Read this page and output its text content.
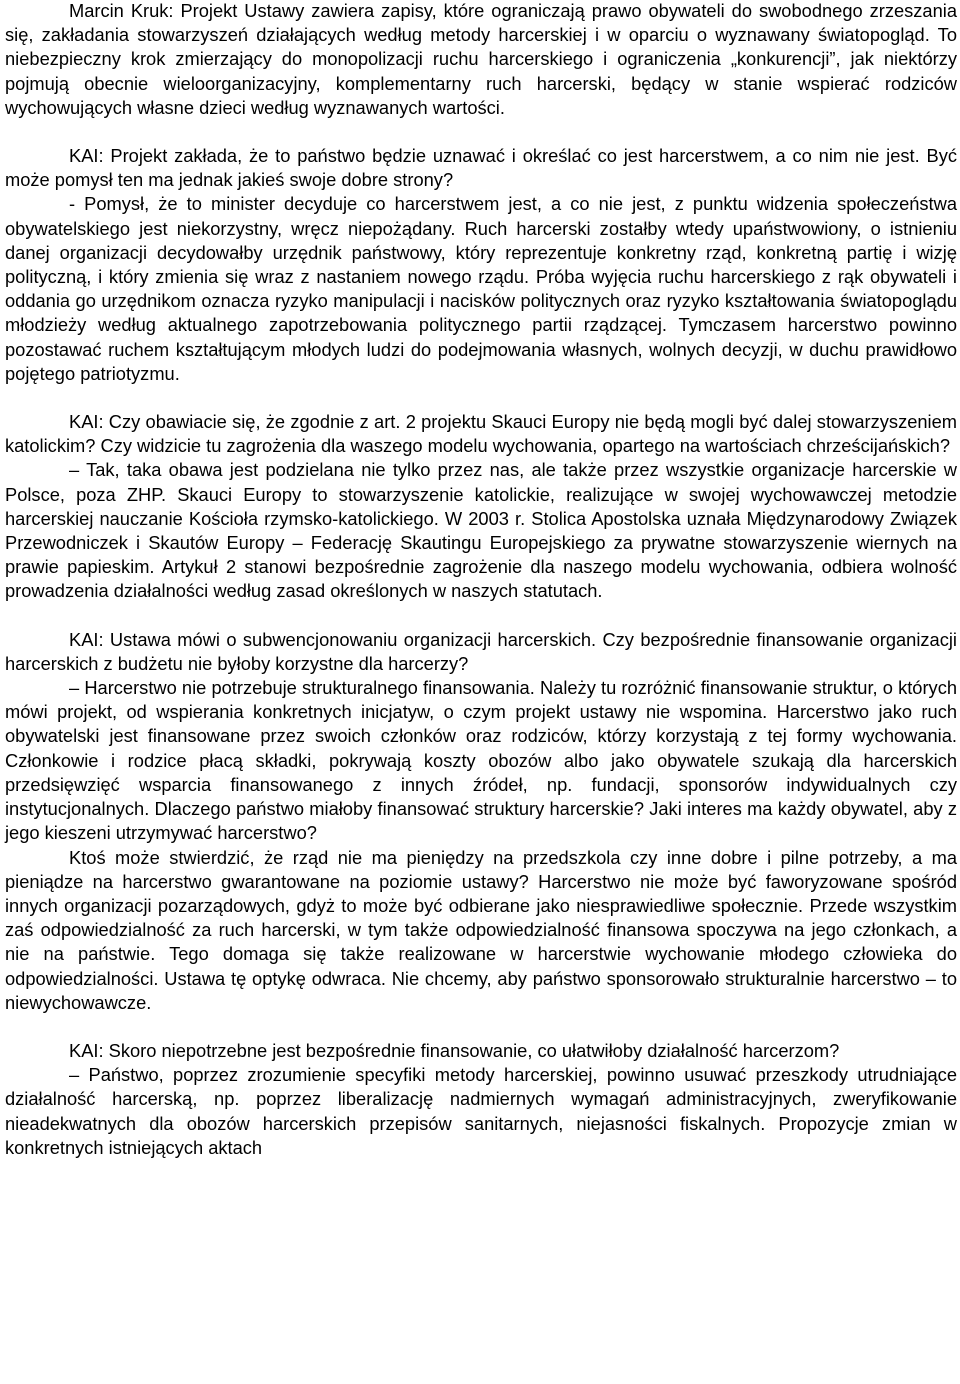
Marcin Kruk: Projekt Ustawy zawiera zapisy, które ograniczają prawo obywateli do swobodnego zrzeszania się, zakładania stowarzyszeń działających według metody harcerskiej i w oparciu o wyznawany światopogląd. To niebezpieczny krok zmierzający do monopolizacji ruchu harcerskiego i ograniczenia „konkurencji”, jak niektórzy pojmują obecnie wieloorganizacyjny, komplementarny ruch harcerski, będący w stanie wspierać rodziców wychowujących własne dzieci według wyznawanych wartości.

KAI: Projekt zakłada, że to państwo będzie uznawać i określać co jest harcerstwem, a co nim nie jest. Być może pomysł ten ma jednak jakieś swoje dobre strony?

- Pomysł, że to minister decyduje co harcerstwem jest, a co nie jest, z punktu widzenia społeczeństwa obywatelskiego jest niekorzystny, wręcz niepożądany. Ruch harcerski zostałby wtedy upaństwowiony, o istnieniu danej organizacji decydowałby urzędnik państwowy, który reprezentuje konkretny rząd, konkretną partię i wizję polityczną, i który zmienia się wraz z nastaniem nowego rządu. Próba wyjęcia ruchu harcerskiego z rąk obywateli i oddania go urzędnikom oznacza ryzyko manipulacji i nacisków politycznych oraz ryzyko kształtowania światopoglądu młodzieży według aktualnego zapotrzebowania politycznego partii rządzącej. Tymczasem harcerstwo powinno pozostawać ruchem kształtującym młodych ludzi do podejmowania własnych, wolnych decyzji, w duchu prawidłowo pojętego patriotyzmu.

KAI: Czy obawiacie się, że zgodnie z art. 2 projektu Skauci Europy nie będą mogli być dalej stowarzyszeniem katolickim? Czy widzicie tu zagrożenia dla waszego modelu wychowania, opartego na wartościach chrześcijańskich?

– Tak, taka obawa jest podzielana nie tylko przez nas, ale także przez wszystkie organizacje harcerskie w Polsce, poza ZHP. Skauci Europy to stowarzyszenie katolickie, realizujące w swojej wychowawczej metodzie harcerskiej nauczanie Kościoła rzymsko-katolickiego. W 2003 r. Stolica Apostolska uznała Międzynarodowy Związek Przewodniczek i Skautów Europy – Federację Skautingu Europejskiego za prywatne stowarzyszenie wiernych na prawie papieskim. Artykuł 2 stanowi bezpośrednie zagrożenie dla naszego modelu wychowania, odbiera wolność prowadzenia działalności według zasad określonych w naszych statutach.

KAI: Ustawa mówi o subwencjonowaniu organizacji harcerskich. Czy bezpośrednie finansowanie organizacji harcerskich z budżetu nie byłoby korzystne dla harcerzy?

– Harcerstwo nie potrzebuje strukturalnego finansowania. Należy tu rozróżnić finansowanie struktur, o których mówi projekt, od wspierania konkretnych inicjatyw, o czym projekt ustawy nie wspomina. Harcerstwo jako ruch obywatelski jest finansowane przez swoich członków oraz rodziców, którzy korzystają z tej formy wychowania. Członkowie i rodzice płacą składki, pokrywają koszty obozów albo jako obywatele szukają dla harcerskich przedsięwzięć wsparcia finansowanego z innych źródeł, np. fundacji, sponsorów indywidualnych czy instytucjonalnych. Dlaczego państwo miałoby finansować struktury harcerskie? Jaki interes ma każdy obywatel, aby z jego kieszeni utrzymywać harcerstwo?

Ktoś może stwierdzić, że rząd nie ma pieniędzy na przedszkola czy inne dobre i pilne potrzeby, a ma pieniądze na harcerstwo gwarantowane na poziomie ustawy? Harcerstwo nie może być faworyzowane spośród innych organizacji pozarządowych, gdyż to może być odbierane jako niesprawiedliwe społecznie. Przede wszystkim zaś odpowiedzialność za ruch harcerski, w tym także odpowiedzialność finansowa spoczywa na jego członkach, a nie na państwie. Tego domaga się także realizowane w harcerstwie wychowanie młodego człowieka do odpowiedzialności. Ustawa tę optykę odwraca. Nie chcemy, aby państwo sponsorowało strukturalnie harcerstwo – to niewychowawcze.

KAI: Skoro niepotrzebne jest bezpośrednie finansowanie, co ułatwiłoby działalność harcerzom?

– Państwo, poprzez zrozumienie specyfiki metody harcerskiej, powinno usuwać przeszkody utrudniające działalność harcerską, np. poprzez liberalizację nadmiernych wymagań administracyjnych, zweryfikowanie nieadekwatnych dla obozów harcerskich przepisów sanitarnych, niejasności fiskalnych. Propozycje zmian w konkretnych istniejących aktach
